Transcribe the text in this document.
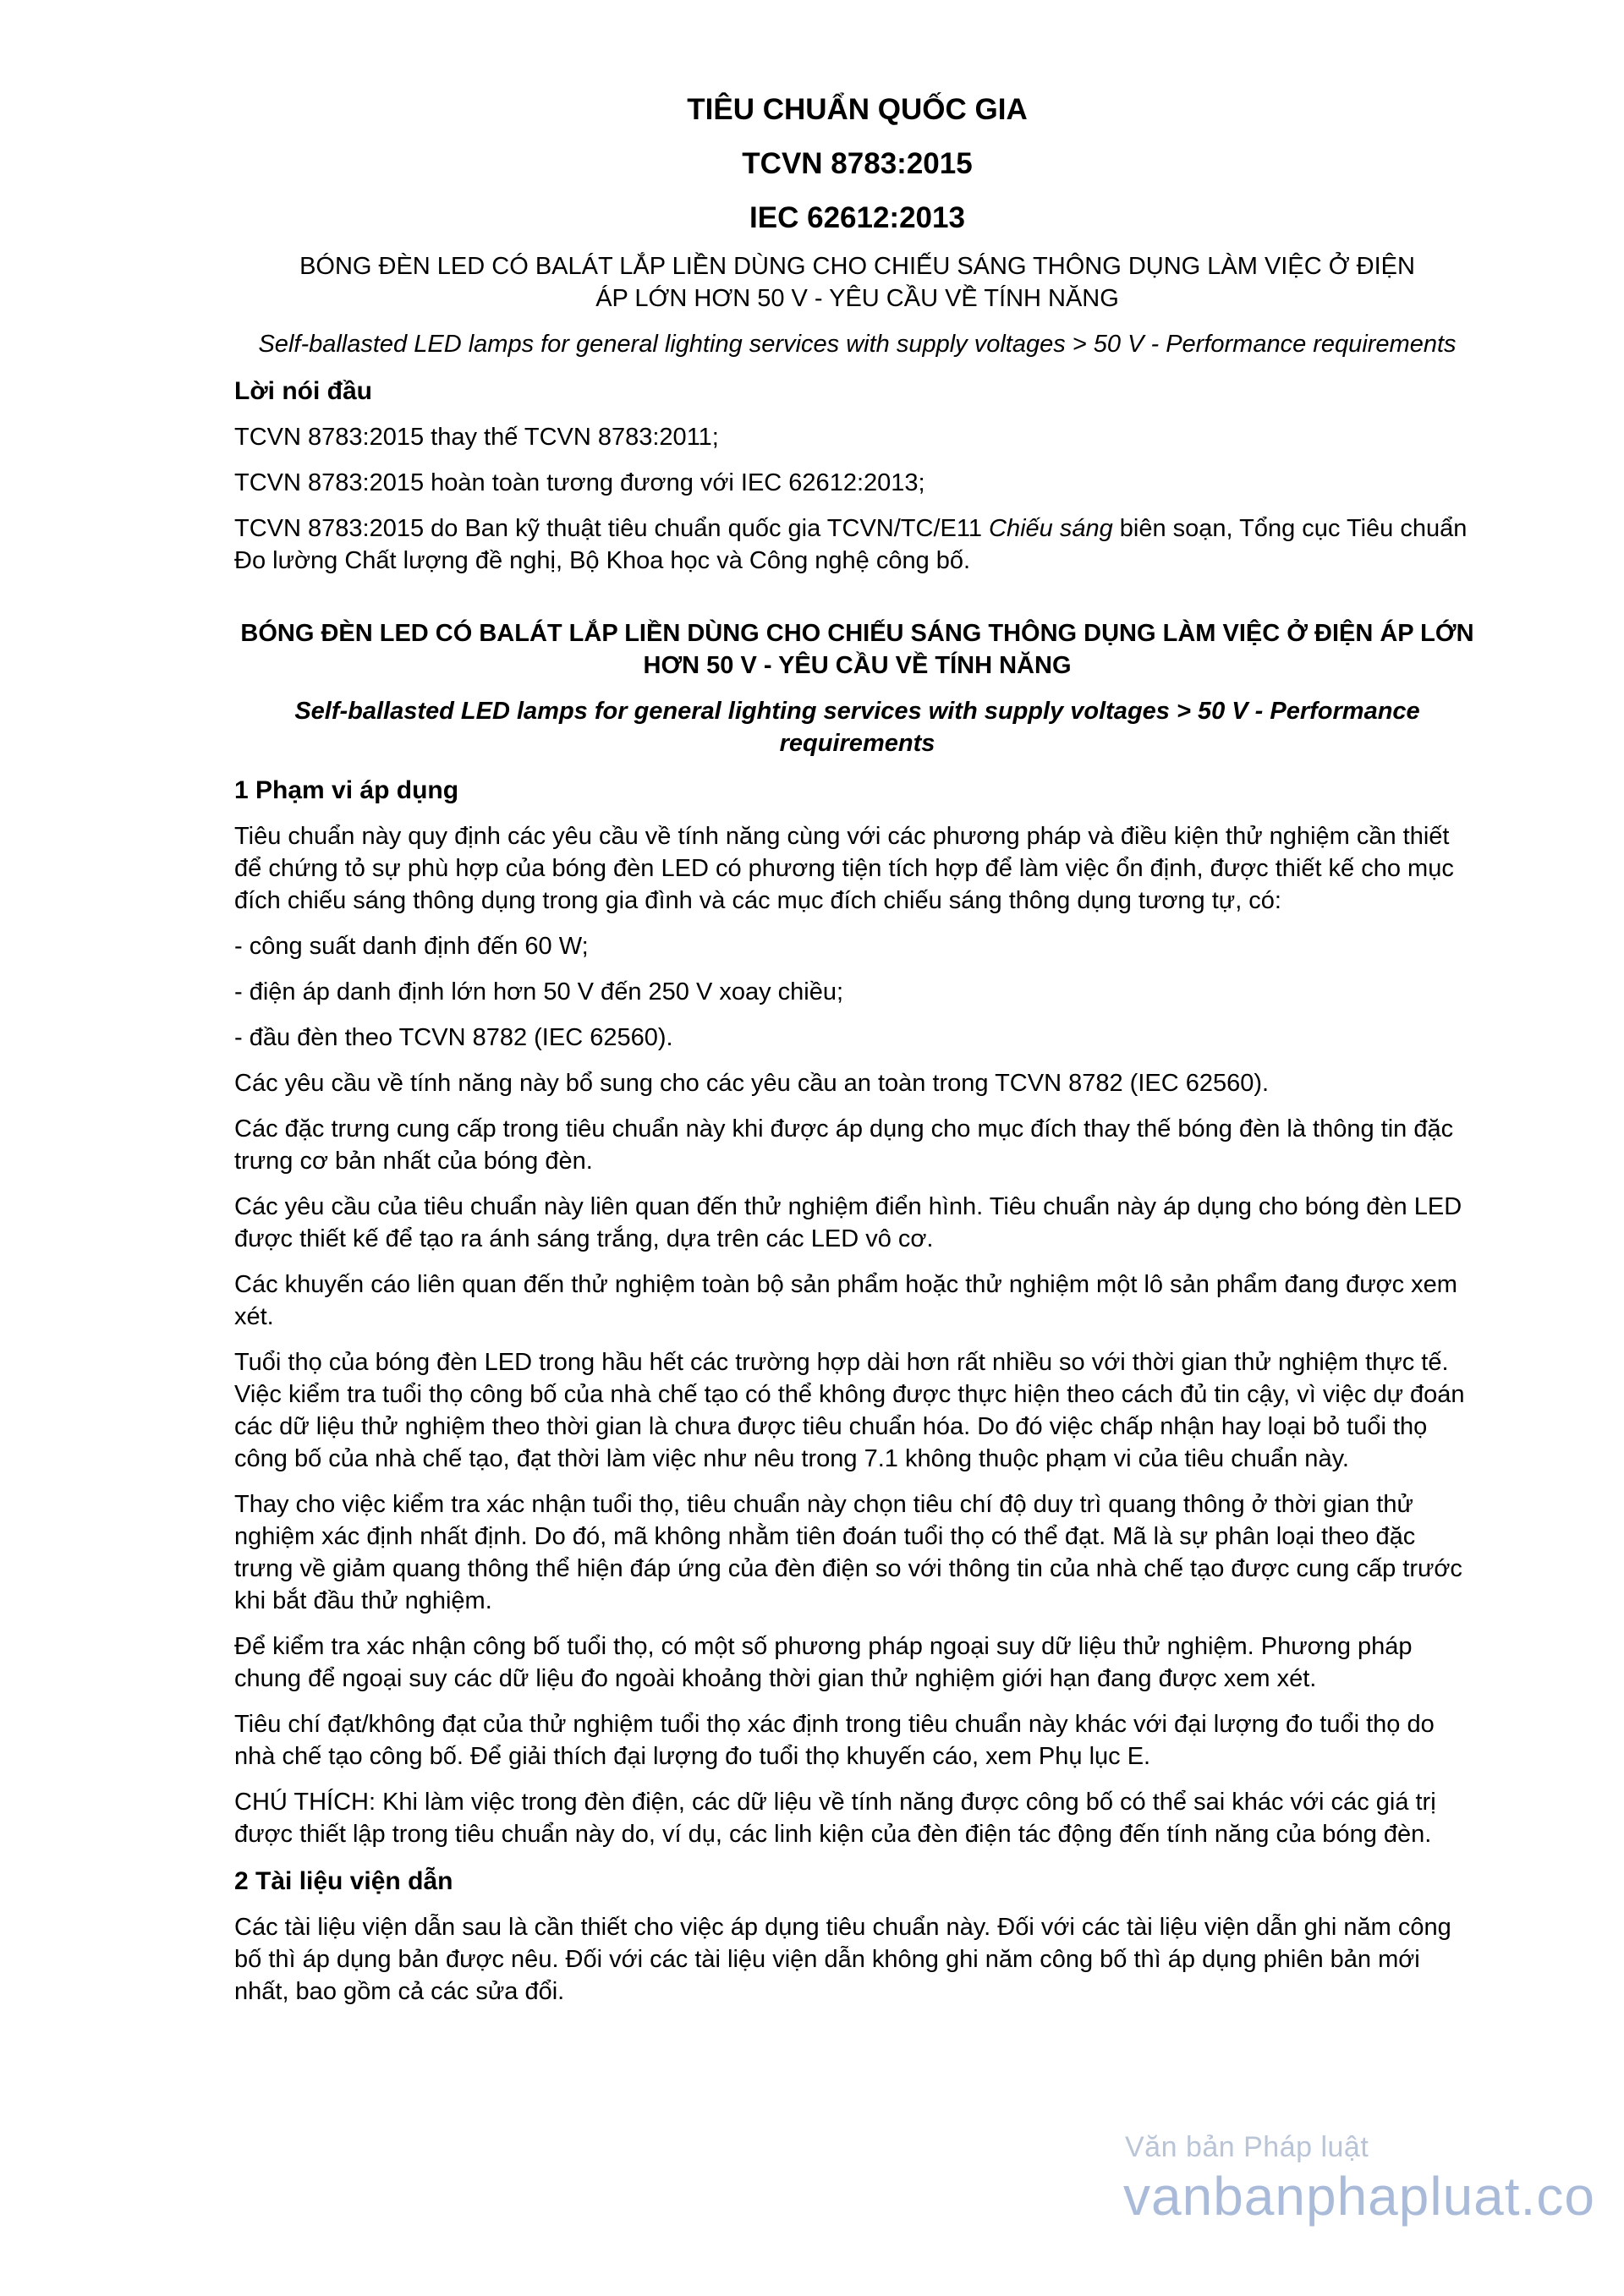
TIÊU CHUẨN QUỐC GIA
TCVN 8783:2015
IEC 62612:2013
BÓNG ĐÈN LED CÓ BALÁT LẮP LIỀN DÙNG CHO CHIẾU SÁNG THÔNG DỤNG LÀM VIỆC Ở ĐIỆN ÁP LỚN HƠN 50 V - YÊU CẦU VỀ TÍNH NĂNG
Self-ballasted LED lamps for general lighting services with supply voltages > 50 V - Performance requirements
Lời nói đầu

TCVN 8783:2015 thay thế TCVN 8783:2011;

TCVN 8783:2015 hoàn toàn tương đương với IEC 62612:2013;

TCVN 8783:2015 do Ban kỹ thuật tiêu chuẩn quốc gia TCVN/TC/E11 Chiếu sáng biên soạn, Tổng cục Tiêu chuẩn Đo lường Chất lượng đề nghị, Bộ Khoa học và Công nghệ công bố.

BÓNG ĐÈN LED CÓ BALÁT LẮP LIỀN DÙNG CHO CHIẾU SÁNG THÔNG DỤNG LÀM VIỆC Ở ĐIỆN ÁP LỚN HƠN 50 V - YÊU CẦU VỀ TÍNH NĂNG
Self-ballasted LED lamps for general lighting services with supply voltages > 50 V - Performance requirements
1 Phạm vi áp dụng

Tiêu chuẩn này quy định các yêu cầu về tính năng cùng với các phương pháp và điều kiện thử nghiệm cần thiết để chứng tỏ sự phù hợp của bóng đèn LED có phương tiện tích hợp để làm việc ổn định, được thiết kế cho mục đích chiếu sáng thông dụng trong gia đình và các mục đích chiếu sáng thông dụng tương tự, có:

- công suất danh định đến 60 W;

- điện áp danh định lớn hơn 50 V đến 250 V xoay chiều;

- đầu đèn theo TCVN 8782 (IEC 62560).

Các yêu cầu về tính năng này bổ sung cho các yêu cầu an toàn trong TCVN 8782 (IEC 62560).

Các đặc trưng cung cấp trong tiêu chuẩn này khi được áp dụng cho mục đích thay thế bóng đèn là thông tin đặc trưng cơ bản nhất của bóng đèn.

Các yêu cầu của tiêu chuẩn này liên quan đến thử nghiệm điển hình. Tiêu chuẩn này áp dụng cho bóng đèn LED được thiết kế để tạo ra ánh sáng trắng, dựa trên các LED vô cơ.

Các khuyến cáo liên quan đến thử nghiệm toàn bộ sản phẩm hoặc thử nghiệm một lô sản phẩm đang được xem xét.

Tuổi thọ của bóng đèn LED trong hầu hết các trường hợp dài hơn rất nhiều so với thời gian thử nghiệm thực tế. Việc kiểm tra tuổi thọ công bố của nhà chế tạo có thể không được thực hiện theo cách đủ tin cậy, vì việc dự đoán các dữ liệu thử nghiệm theo thời gian là chưa được tiêu chuẩn hóa. Do đó việc chấp nhận hay loại bỏ tuổi thọ công bố của nhà chế tạo, đạt thời làm việc như nêu trong 7.1 không thuộc phạm vi của tiêu chuẩn này.

Thay cho việc kiểm tra xác nhận tuổi thọ, tiêu chuẩn này chọn tiêu chí độ duy trì quang thông ở thời gian thử nghiệm xác định nhất định. Do đó, mã không nhằm tiên đoán tuổi thọ có thể đạt. Mã là sự phân loại theo đặc trưng về giảm quang thông thể hiện đáp ứng của đèn điện so với thông tin của nhà chế tạo được cung cấp trước khi bắt đầu thử nghiệm.

Để kiểm tra xác nhận công bố tuổi thọ, có một số phương pháp ngoại suy dữ liệu thử nghiệm. Phương pháp chung để ngoại suy các dữ liệu đo ngoài khoảng thời gian thử nghiệm giới hạn đang được xem xét.

Tiêu chí đạt/không đạt của thử nghiệm tuổi thọ xác định trong tiêu chuẩn này khác với đại lượng đo tuổi thọ do nhà chế tạo công bố. Để giải thích đại lượng đo tuổi thọ khuyến cáo, xem Phụ lục E.

CHÚ THÍCH: Khi làm việc trong đèn điện, các dữ liệu về tính năng được công bố có thể sai khác với các giá trị được thiết lập trong tiêu chuẩn này do, ví dụ, các linh kiện của đèn điện tác động đến tính năng của bóng đèn.

2 Tài liệu viện dẫn

Các tài liệu viện dẫn sau là cần thiết cho việc áp dụng tiêu chuẩn này. Đối với các tài liệu viện dẫn ghi năm công bố thì áp dụng bản được nêu. Đối với các tài liệu viện dẫn không ghi năm công bố thì áp dụng phiên bản mới nhất, bao gồm cả các sửa đổi.

Văn bản Pháp luật
vanbanphapluat.co
